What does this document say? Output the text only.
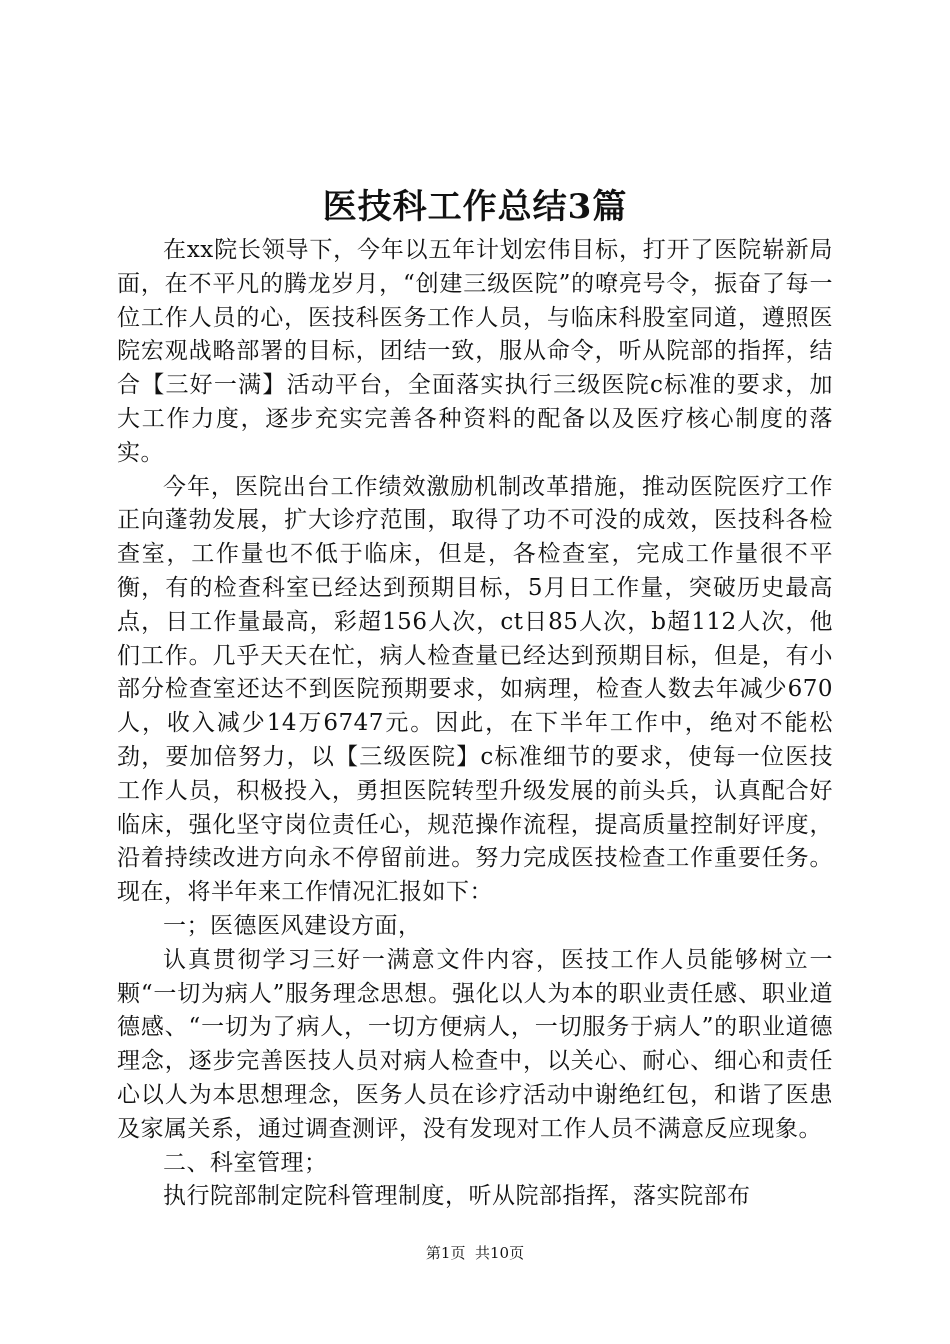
医技科工作总结3篇

在xx院长领导下，今年以五年计划宏伟目标，打开了医院崭新局面，在不平凡的腾龙岁月，“创建三级医院”的嘹亮号令，振奋了每一位工作人员的心，医技科医务工作人员，与临床科股室同道，遵照医院宏观战略部署的目标，团结一致，服从命令，听从院部的指挥，结合【三好一满】活动平台，全面落实执行三级医院c标准的要求，加大工作力度，逐步充实完善各种资料的配备以及医疗核心制度的落实。

今年，医院出台工作绩效激励机制改革措施，推动医院医疗工作正向蓬勃发展，扩大诊疗范围，取得了功不可没的成效，医技科各检查室，工作量也不低于临床，但是，各检查室，完成工作量很不平衡，有的检查科室已经达到预期目标，5月日工作量，突破历史最高点，日工作量最高，彩超156人次，ct日85人次，b超112人次，他们工作。几乎天天在忙，病人检查量已经达到预期目标，但是，有小部分检查室还达不到医院预期要求，如病理，检查人数去年减少670人，收入减少14万6747元。因此，在下半年工作中，绝对不能松劲，要加倍努力，以【三级医院】c标准细节的要求，使每一位医技工作人员，积极投入，勇担医院转型升级发展的前头兵，认真配合好临床，强化坚守岗位责任心，规范操作流程，提高质量控制好评度，沿着持续改进方向永不停留前进。努力完成医技检查工作重要任务。现在，将半年来工作情况汇报如下：

一；医德医风建设方面，

认真贯彻学习三好一满意文件内容，医技工作人员能够树立一颗“一切为病人”服务理念思想。强化以人为本的职业责任感、职业道德感、“一切为了病人，一切方便病人，一切服务于病人”的职业道德理念，逐步完善医技人员对病人检查中，以关心、耐心、细心和责任心以人为本思想理念，医务人员在诊疗活动中谢绝红包，和谐了医患及家属关系，通过调查测评，没有发现对工作人员不满意反应现象。

二、科室管理；

执行院部制定院科管理制度，听从院部指挥，落实院部布

第1页 共10页
